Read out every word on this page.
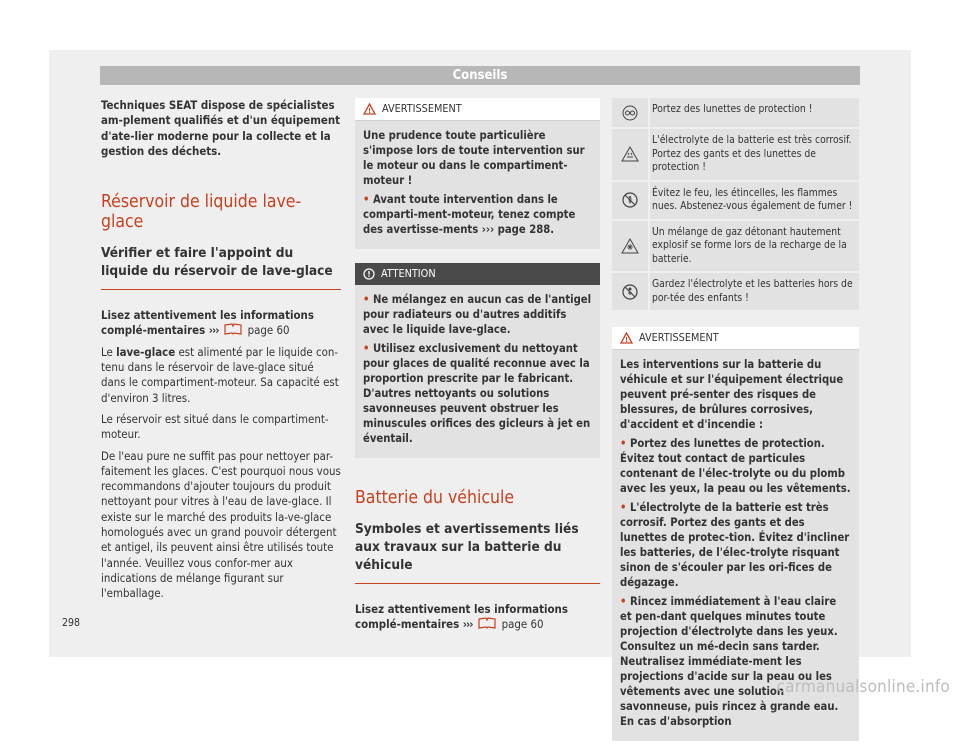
Conseils

Techniques SEAT dispose de spécialistes am-plement qualifiés et d'un équipement d'ate-lier moderne pour la collecte et la gestion des déchets.

Réservoir de liquide lave-glace
Vérifier et faire l'appoint du liquide du réservoir de lave-glace

Lisez attentivement les informations complé-mentaires ›››	page 60

Le lave-glace est alimenté par le liquide con-tenu dans le réservoir de lave-glace situé dans le compartiment-moteur. Sa capacité est d'environ 3 litres.

Le réservoir est situé dans le compartiment-moteur.

De l'eau pure ne suffit pas pour nettoyer par-faitement les glaces. C'est pourquoi nous vous recommandons d'ajouter toujours du produit nettoyant pour vitres à l'eau de lave-glace. Il existe sur le marché des produits la-ve-glace homologués avec un grand pouvoir détergent et antigel, ils peuvent ainsi être utilisés toute l'année. Veuillez vous confor-mer aux indications de mélange figurant sur l'emballage.

! AVERTISSEMENT

Une prudence toute particulière s'impose lors de toute intervention sur le moteur ou dans le compartiment-moteur !

• Avant toute intervention dans le comparti-ment-moteur, tenez compte des avertisse-ments ››› page 288.

! ATTENTION

• Ne mélangez en aucun cas de l'antigel pour radiateurs ou d'autres additifs avec le liquide lave-glace.

• Utilisez exclusivement du nettoyant pour glaces de qualité reconnue avec la proportion prescrite par le fabricant. D'autres nettoyants ou solutions savonneuses peuvent obstruer les minuscules orifices des gicleurs à jet en éventail.

Batterie du véhicule
Symboles et avertissements liés aux travaux sur la batterie du véhicule

Lisez attentivement les informations complé-mentaires ›››	page 60

Portez des lunettes de protection !
L'électrolyte de la batterie est très corrosif. Portez des gants et des lunettes de protection !
Évitez le feu, les étincelles, les flammes nues. Abstenez-vous également de fumer !
Un mélange de gaz détonant hautement explosif se forme lors de la recharge de la batterie.
Gardez l'électrolyte et les batteries hors de por-tée des enfants !
! AVERTISSEMENT

Les interventions sur la batterie du véhicule et sur l'équipement électrique peuvent pré-senter des risques de blessures, de brûlures corrosives, d'accident et d'incendie :

• Portez des lunettes de protection. Évitez tout contact de particules contenant de l'élec-trolyte ou du plomb avec les yeux, la peau ou les vêtements.

• L'électrolyte de la batterie est très corrosif. Portez des gants et des lunettes de protec-tion. Évitez d'incliner les batteries, de l'élec-trolyte risquant sinon de s'écouler par les ori-fices de dégazage.

• Rincez immédiatement à l'eau claire et pen-dant quelques minutes toute projection d'électrolyte dans les yeux. Consultez un mé-decin sans tarder. Neutralisez immédiate-ment les projections d'acide sur la peau ou les vêtements avec une solution savonneuse, puis rincez à grande eau. En cas d'absorption

298
carmanualsonline.info
